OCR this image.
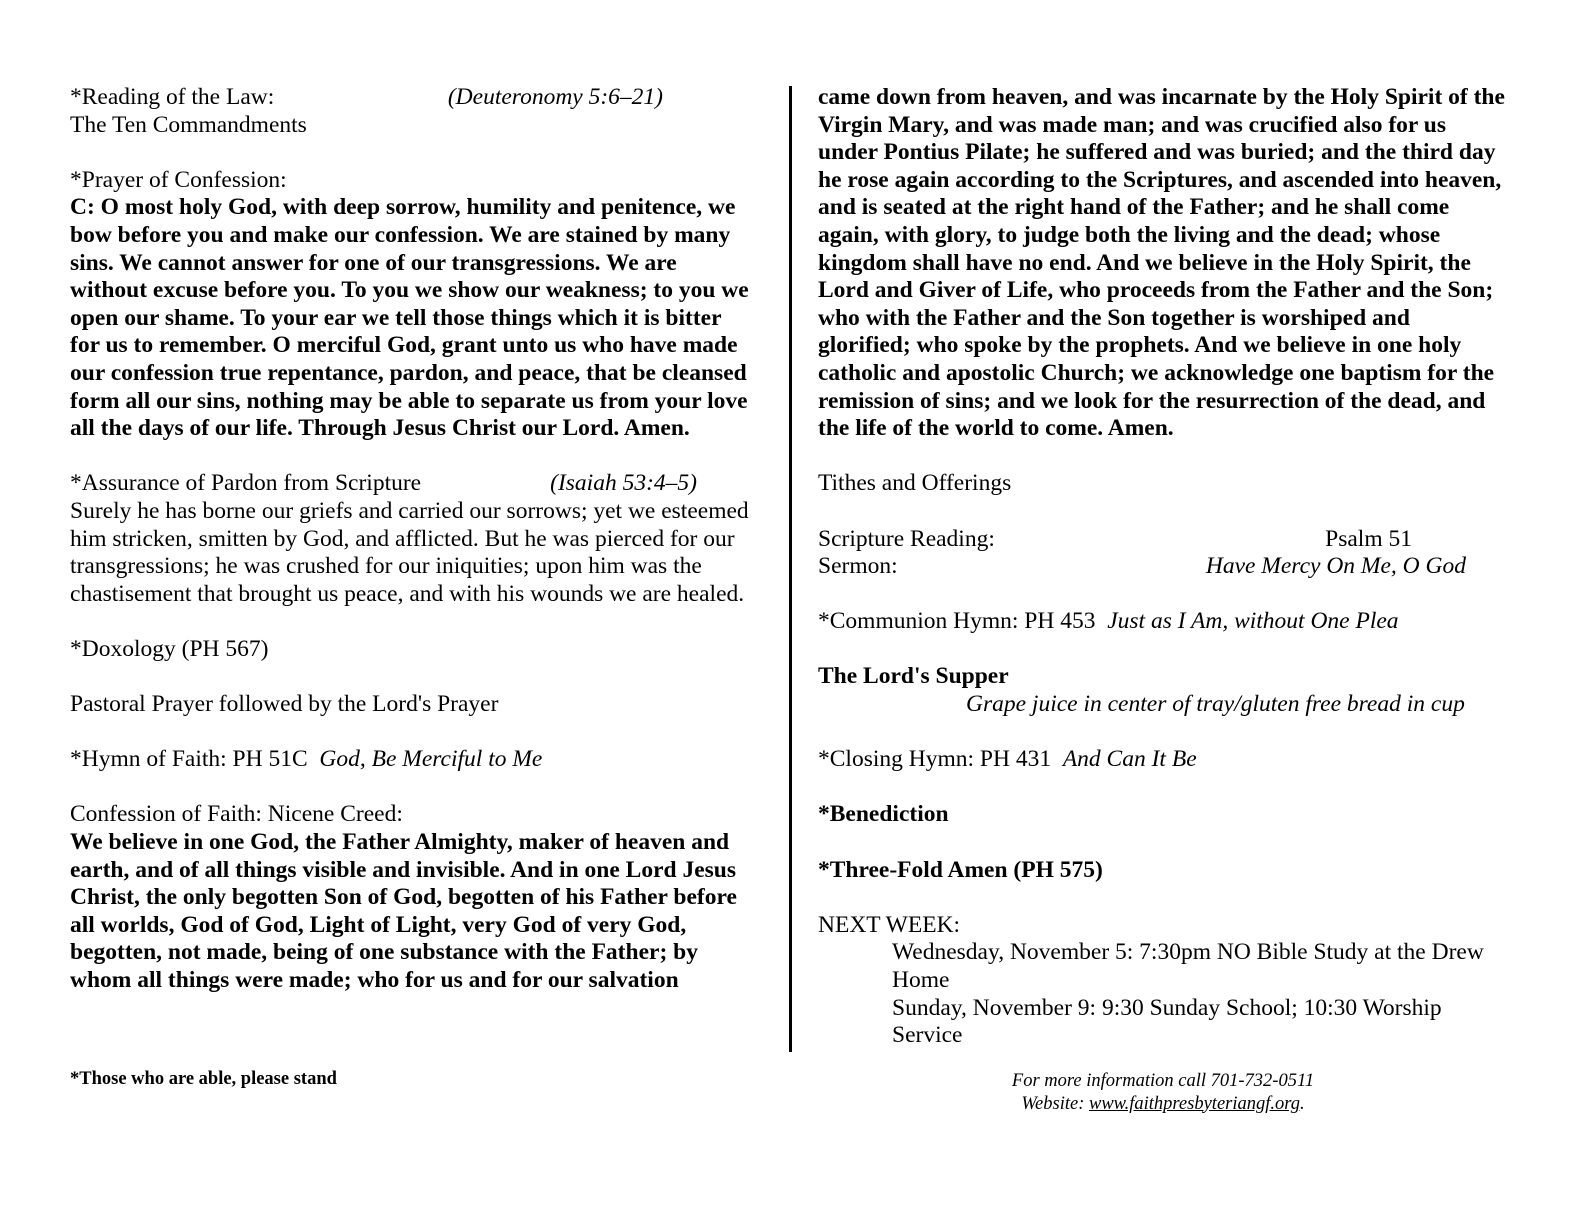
*Reading of the Law:	(Deuteronomy 5:6–21)

The Ten Commandments

*Prayer of Confession:

C: O most holy God, with deep sorrow, humility and penitence, we bow before you and make our confession. We are stained by many sins. We cannot answer for one of our transgressions. We are without excuse before you. To you we show our weakness; to you we open our shame. To your ear we tell those things which it is bitter for us to remember. O merciful God, grant unto us who have made our confession true repentance, pardon, and peace, that be cleansed form all our sins, nothing may be able to separate us from your love all the days of our life. Through Jesus Christ our Lord. Amen.

*Assurance of Pardon from Scripture	(Isaiah 53:4–5)

Surely he has borne our griefs and carried our sorrows; yet we esteemed him stricken, smitten by God, and afflicted. But he was pierced for our transgressions; he was crushed for our iniquities; upon him was the chastisement that brought us peace, and with his wounds we are healed.

*Doxology (PH 567)

Pastoral Prayer followed by the Lord's Prayer

*Hymn of Faith: PH 51C God, Be Merciful to Me

Confession of Faith: Nicene Creed:

We believe in one God, the Father Almighty, maker of heaven and earth, and of all things visible and invisible. And in one Lord Jesus Christ, the only begotten Son of God, begotten of his Father before all worlds, God of God, Light of Light, very God of very God, begotten, not made, being of one substance with the Father; by whom all things were made; who for us and for our salvation

came down from heaven, and was incarnate by the Holy Spirit of the Virgin Mary, and was made man; and was crucified also for us under Pontius Pilate; he suffered and was buried; and the third day he rose again according to the Scriptures, and ascended into heaven, and is seated at the right hand of the Father; and he shall come again, with glory, to judge both the living and the dead; whose kingdom shall have no end. And we believe in the Holy Spirit, the Lord and Giver of Life, who proceeds from the Father and the Son; who with the Father and the Son together is worshiped and glorified; who spoke by the prophets. And we believe in one holy catholic and apostolic Church; we acknowledge one baptism for the remission of sins; and we look for the resurrection of the dead, and the life of the world to come. Amen.

Tithes and Offerings

Scripture Reading:	Psalm 51
Sermon:	Have Mercy On Me, O God

*Communion Hymn: PH 453 Just as I Am, without One Plea

The Lord's Supper

Grape juice in center of tray/gluten free bread in cup

*Closing Hymn: PH 431 And Can It Be

*Benediction

*Three-Fold Amen (PH 575)

NEXT WEEK:

Wednesday, November 5: 7:30pm NO Bible Study at the Drew Home

Sunday, November 9: 9:30 Sunday School; 10:30 Worship Service

*Those who are able, please stand	For more information call 701-732-0511
Website: www.faithpresbyteriangf.org.
